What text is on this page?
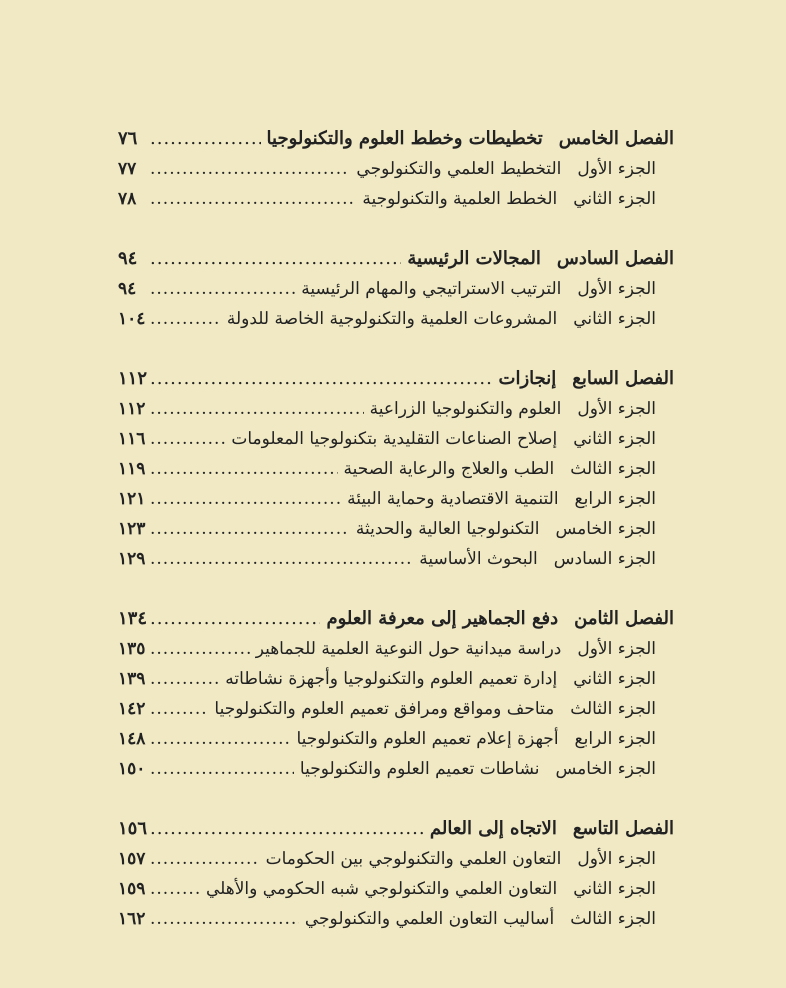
الفصل الخامس
تخطيطات وخطط العلوم والتكنولوجيا
.....
٧٦
الجزء الأول
التخطيط العلمي والتكنولوجي
.....
٧٧
الجزء الثاني
الخطط العلمية والتكنولوجية
.....
٧٨
الفصل السادس
المجالات الرئيسية
.....
٩٤
الجزء الأول
الترتيب الاستراتيجي والمهام الرئيسية
.....
٩٤
الجزء الثاني
المشروعات العلمية والتكنولوجية الخاصة للدولة
.....
١٠٤
الفصل السابع
إنجازات
.....
١١٢
الجزء الأول
العلوم والتكنولوجيا الزراعية
.....
١١٢
الجزء الثاني
إصلاح الصناعات التقليدية بتكنولوجيا المعلومات
.....
١١٦
الجزء الثالث
الطب والعلاج والرعاية الصحية
.....
١١٩
الجزء الرابع
التنمية الاقتصادية وحماية البيئة
.....
١٢١
الجزء الخامس
التكنولوجيا العالية والحديثة
.....
١٢٣
الجزء السادس
البحوث الأساسية
.....
١٢٩
الفصل الثامن
دفع الجماهير إلى معرفة العلوم
.....
١٣٤
الجزء الأول
دراسة ميدانية حول النوعية العلمية للجماهير
.....
١٣٥
الجزء الثاني
إدارة تعميم العلوم والتكنولوجيا وأجهزة نشاطاته
.....
١٣٩
الجزء الثالث
متاحف ومواقع ومرافق تعميم العلوم والتكنولوجيا
.....
١٤٢
الجزء الرابع
أجهزة إعلام تعميم العلوم والتكنولوجيا
.....
١٤٨
الجزء الخامس
نشاطات تعميم العلوم والتكنولوجيا
.....
١٥٠
الفصل التاسع
الاتجاه إلى العالم
.....
١٥٦
الجزء الأول
التعاون العلمي والتكنولوجي بين الحكومات
.....
١٥٧
الجزء الثاني
التعاون العلمي والتكنولوجي شبه الحكومي والأهلي
.....
١٥٩
الجزء الثالث
أساليب التعاون العلمي والتكنولوجي
.....
١٦٢
